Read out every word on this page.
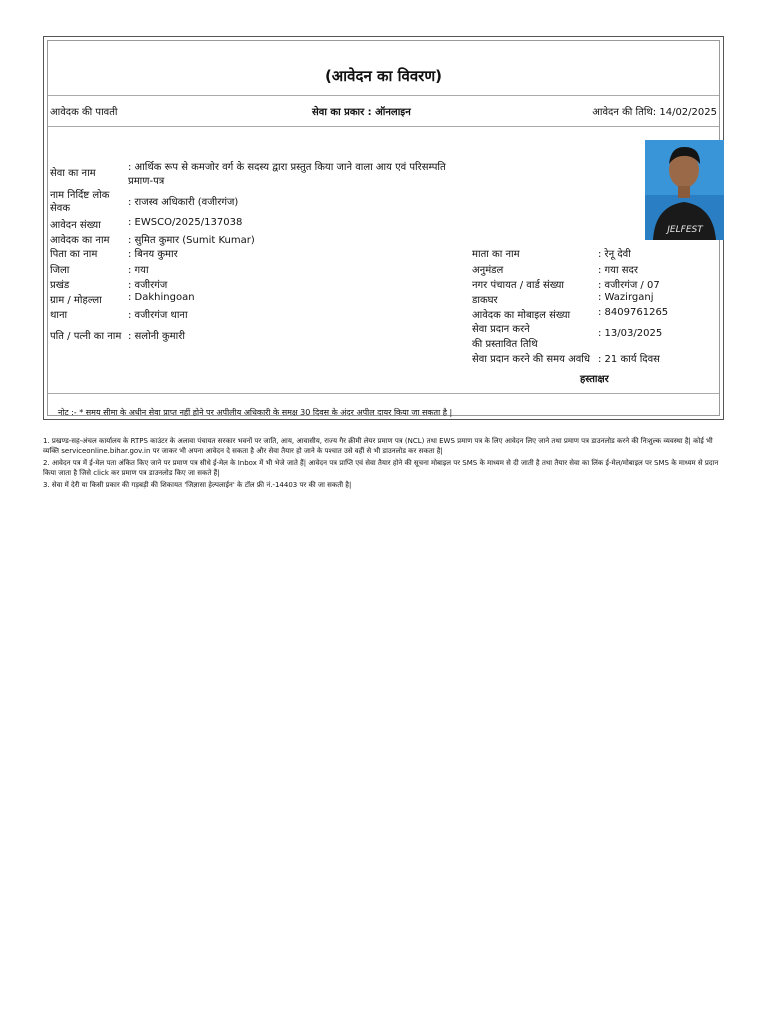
(आवेदन का विवरण)
आवेदक की पावती	सेवा का प्रकार : ऑनलाइन	आवेदन की तिथि: 14/02/2025
JELFEST
सेवा का नाम
: आर्थिक रूप से कमजोर वर्ग के सदस्य द्वारा प्रस्तुत किया जाने वाला आय एवं परिसम्पति
प्रमाण-पत्र
नाम निर्दिष्ट लोक
सेवक
: राजस्व अधिकारी (वजीरगंज)
आवेदन संख्या	: EWSCO/2025/137038
आवेदक का नाम : सुमित कुमार (Sumit Kumar)
पिता का नाम	: बिनय कुमार
जिला	: गया
प्रखंड	: वजीरगंज
ग्राम / मोहल्ला	: Dakhingoan
थाना	: वजीरगंज थाना
पति / पत्नी का नाम : सलोनी कुमारी
माता का नाम	: रेनू देवी
अनुमंडल	: गया सदर
नगर पंचायत / वार्ड संख्या	: वजीरगंज / 07
डाकघर	: Wazirganj
आवेदक का मोबाइल संख्या	: 8409761265
सेवा प्रदान करने
की प्रस्तावित तिथि
: 13/03/2025
सेवा प्रदान करने की समय अवधि : 21 कार्य दिवस
हस्ताक्षर
नोट :- * समय सीमा के अधीन सेवा प्राप्त नहीं होने पर अपीलीय अधिकारी के समक्ष 30 दिवस के अंदर अपील दायर किया जा सकता है |
1. प्रखण्ड-सह-अंचल कार्यालय के RTPS काउंटर के अलावा पंचायत सरकार भवनों पर जाति, आय, आवासीय, राज्य गैर क्रीमी लेयर प्रमाण पत्र (NCL) तथा EWS प्रमाण पत्र के लिए आवेदन लिए जाने तथा प्रमाण पत्र डाउनलोड करने की निःशुल्क व्यवस्था है| कोई भी व्यक्ति serviceonline.bihar.gov.in पर जाकर भी अपना आवेदन दे सकता है और सेवा तैयार हो जाने के पश्चात उसे वहीं से भी डाउनलोड कर सकता है|
2. आवेदन पत्र में ई-मेल पता अंकित किए जाने पर प्रमाण पत्र सीधे ई-मेल के Inbox में भी भेजे जाते हैं| आवेदन पत्र प्राप्ति एवं सेवा तैयार होने की सूचना मोबाइल पर SMS के माध्यम से दी जाती है तथा तैयार सेवा का लिंक ई-मेल/मोबाइल पर SMS के माध्यम से प्रदान किया जाता है जिसे click कर प्रमाण पत्र डाउनलोड किए जा सकते हैं|
3. सेवा में देरी या किसी प्रकार की गड़बड़ी की शिकायत 'जिज्ञासा हेल्पलाईन' के टॉल फ्री नं.-14403 पर की जा सकती है|
